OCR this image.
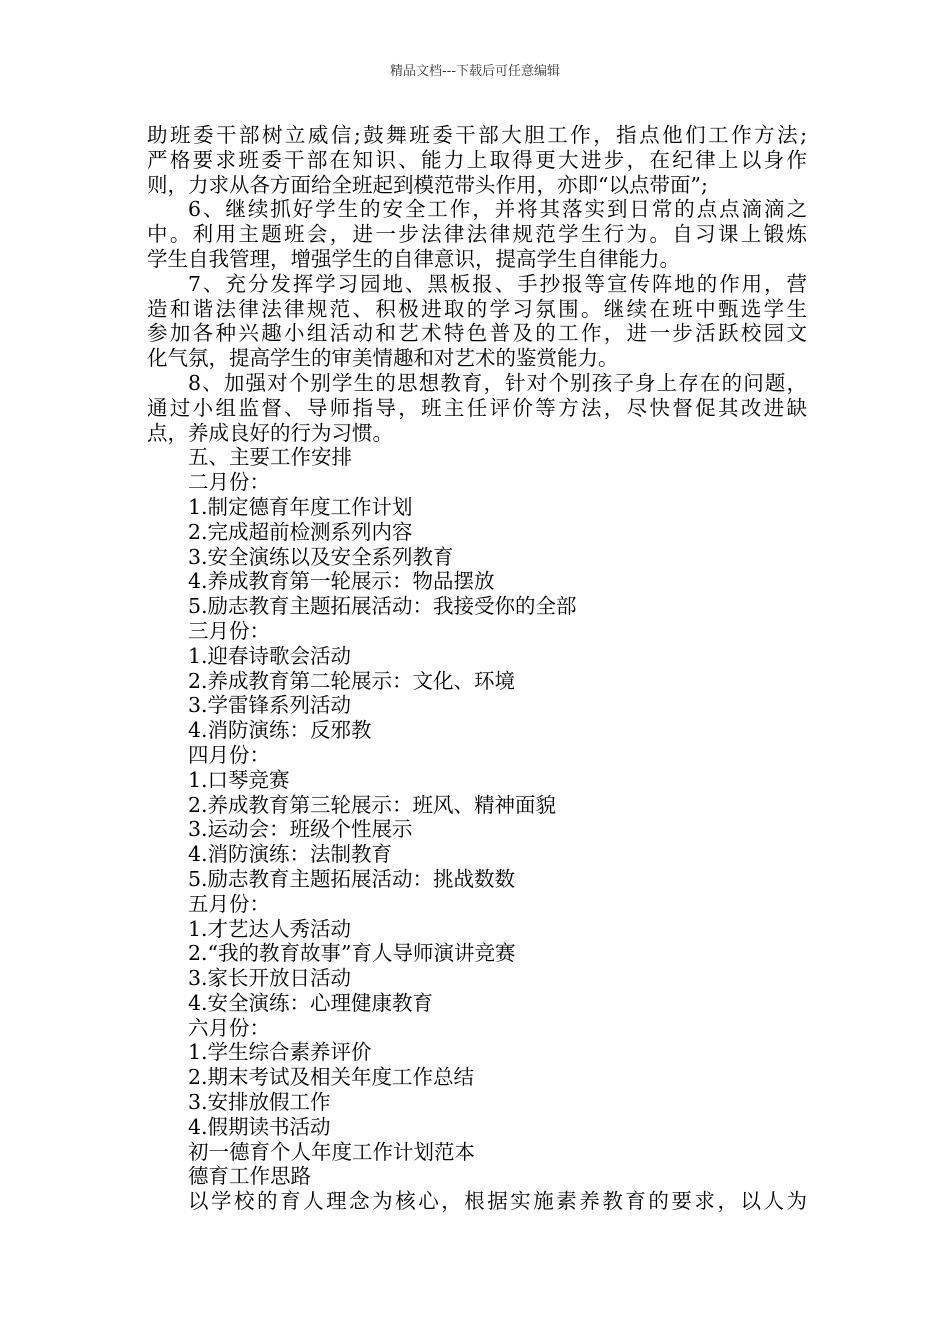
精品文档---下载后可任意编辑
助班委干部树立威信;鼓舞班委干部大胆工作，指点他们工作方法;
严格要求班委干部在知识、能力上取得更大进步，在纪律上以身作
则，力求从各方面给全班起到模范带头作用，亦即“以点带面”;
6、继续抓好学生的安全工作，并将其落实到日常的点点滴滴之
中。利用主题班会，进一步法律法律规范学生行为。自习课上锻炼
学生自我管理，增强学生的自律意识，提高学生自律能力。
7、充分发挥学习园地、黑板报、手抄报等宣传阵地的作用，营
造和谐法律法律规范、积极进取的学习氛围。继续在班中甄选学生
参加各种兴趣小组活动和艺术特色普及的工作，进一步活跃校园文
化气氛，提高学生的审美情趣和对艺术的鉴赏能力。
8、加强对个别学生的思想教育，针对个别孩子身上存在的问题，
通过小组监督、导师指导，班主任评价等方法，尽快督促其改进缺
点，养成良好的行为习惯。
五、主要工作安排
二月份：
1.制定德育年度工作计划
2.完成超前检测系列内容
3.安全演练以及安全系列教育
4.养成教育第一轮展示：物品摆放
5.励志教育主题拓展活动：我接受你的全部
三月份：
1.迎春诗歌会活动
2.养成教育第二轮展示：文化、环境
3.学雷锋系列活动
4.消防演练：反邪教
四月份：
1.口琴竞赛
2.养成教育第三轮展示：班风、精神面貌
3.运动会：班级个性展示
4.消防演练：法制教育
5.励志教育主题拓展活动：挑战数数
五月份：
1.才艺达人秀活动
2.“我的教育故事”育人导师演讲竞赛
3.家长开放日活动
4.安全演练：心理健康教育
六月份：
1.学生综合素养评价
2.期末考试及相关年度工作总结
3.安排放假工作
4.假期读书活动
初一德育个人年度工作计划范本
德育工作思路
以学校的育人理念为核心，根据实施素养教育的要求，以人为
